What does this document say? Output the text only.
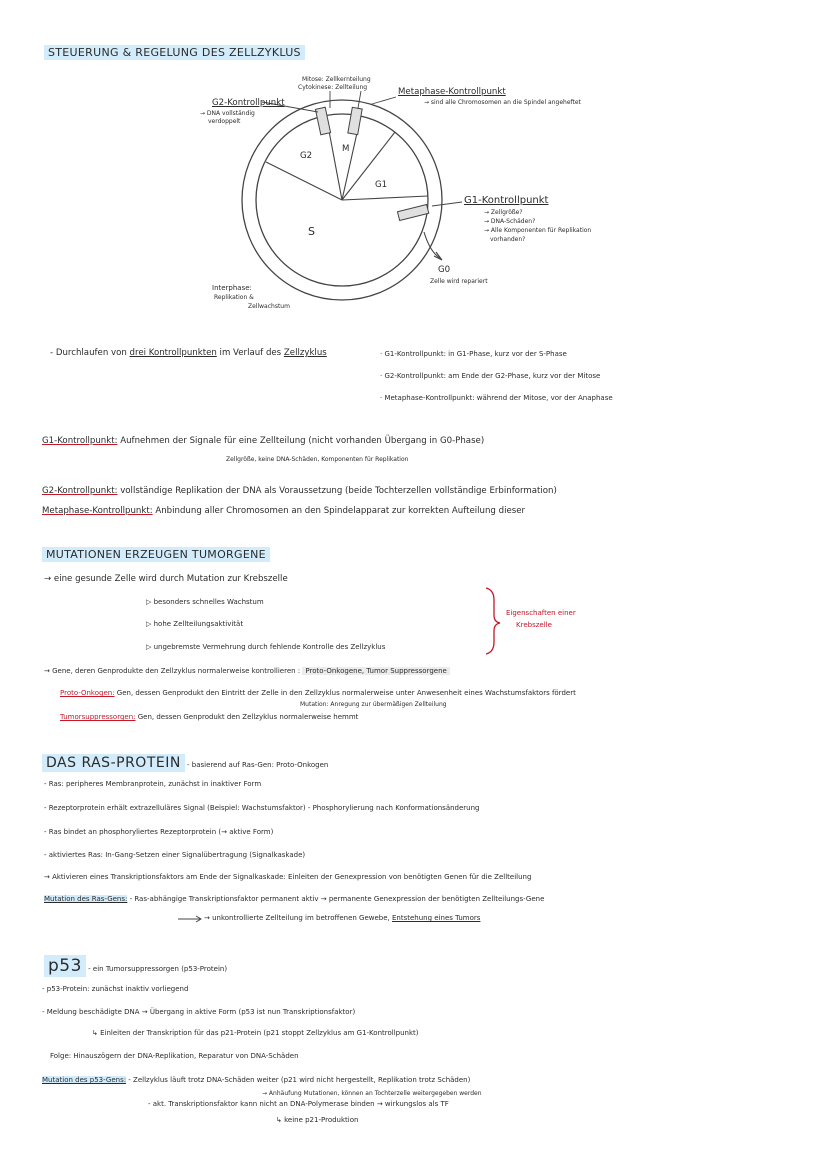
STEUERUNG & REGELUNG DES ZELLZYKLUS
G2
M
G1
S
Mitose: Zellkernteilung
Cytokinese: Zellteilung
G2-Kontrollpunkt
→ DNA vollständig
verdoppelt
Metaphase-Kontrollpunkt
→ sind alle Chromosomen an die Spindel angeheftet
G1-Kontrollpunkt
→ Zellgröße?
→ DNA-Schäden?
→ Alle Komponenten für Replikation
vorhanden?
G0
Zelle wird repariert
Interphase:
Replikation &
Zellwachstum
- Durchlaufen von drei Kontrollpunkten im Verlauf des Zellzyklus	· G1-Kontrollpunkt: in G1-Phase, kurz vor der S-Phase
· G2-Kontrollpunkt: am Ende der G2-Phase, kurz vor der Mitose
· Metaphase-Kontrollpunkt: während der Mitose, vor der Anaphase
G1-Kontrollpunkt: Aufnehmen der Signale für eine Zellteilung (nicht vorhanden Übergang in G0-Phase)
Zellgröße, keine DNA-Schäden, Komponenten für Replikation
G2-Kontrollpunkt: vollständige Replikation der DNA als Voraussetzung (beide Tochterzellen vollständige Erbinformation)
Metaphase-Kontrollpunkt: Anbindung aller Chromosomen an den Spindelapparat zur korrekten Aufteilung dieser
MUTATIONEN ERZEUGEN TUMORGENE
→ eine gesunde Zelle wird durch Mutation zur Krebszelle
▷ besonders schnelles Wachstum
▷ hohe Zellteilungsaktivität
▷ ungebremste Vermehrung durch fehlende Kontrolle des Zellzyklus
Eigenschaften einer
Krebszelle
→ Gene, deren Genprodukte den Zellzyklus normalerweise kontrollieren : Proto-Onkogene, Tumor Suppressorgene
Proto-Onkogen: Gen, dessen Genprodukt den Eintritt der Zelle in den Zellzyklus normalerweise unter Anwesenheit eines Wachstumsfaktors fördert
Mutation: Anregung zur übermäßigen Zellteilung
Tumorsuppressorgen: Gen, dessen Genprodukt den Zellzyklus normalerweise hemmt
DAS RAS-PROTEIN - basierend auf Ras-Gen: Proto-Onkogen
- Ras: peripheres Membranprotein, zunächst in inaktiver Form
- Rezeptorprotein erhält extrazelluläres Signal (Beispiel: Wachstumsfaktor) - Phosphorylierung nach Konformationsänderung
- Ras bindet an phosphoryliertes Rezeptorprotein (→ aktive Form)
- aktiviertes Ras: In-Gang-Setzen einer Signalübertragung (Signalkaskade)
→ Aktivieren eines Transkriptionsfaktors am Ende der Signalkaskade: Einleiten der Genexpression von benötigten Genen für die Zellteilung
Mutation des Ras-Gens: - Ras-abhängige Transkriptionsfaktor permanent aktiv → permanente Genexpression der benötigten Zellteilungs-Gene
→ unkontrollierte Zellteilung im betroffenen Gewebe, Entstehung eines Tumors
p53 - ein Tumorsuppressorgen (p53-Protein)
- p53-Protein: zunächst inaktiv vorliegend
- Meldung beschädigte DNA → Übergang in aktive Form (p53 ist nun Transkriptionsfaktor)
↳ Einleiten der Transkription für das p21-Protein (p21 stoppt Zellzyklus am G1-Kontrollpunkt)
Folge: Hinauszögern der DNA-Replikation, Reparatur von DNA-Schäden
Mutation des p53-Gens: - Zellzyklus läuft trotz DNA-Schäden weiter (p21 wird nicht hergestellt, Replikation trotz Schäden)
→ Anhäufung Mutationen, können an Tochterzelle weitergegeben werden
- akt. Transkriptionsfaktor kann nicht an DNA-Polymerase binden → wirkungslos als TF
↳ keine p21-Produktion
